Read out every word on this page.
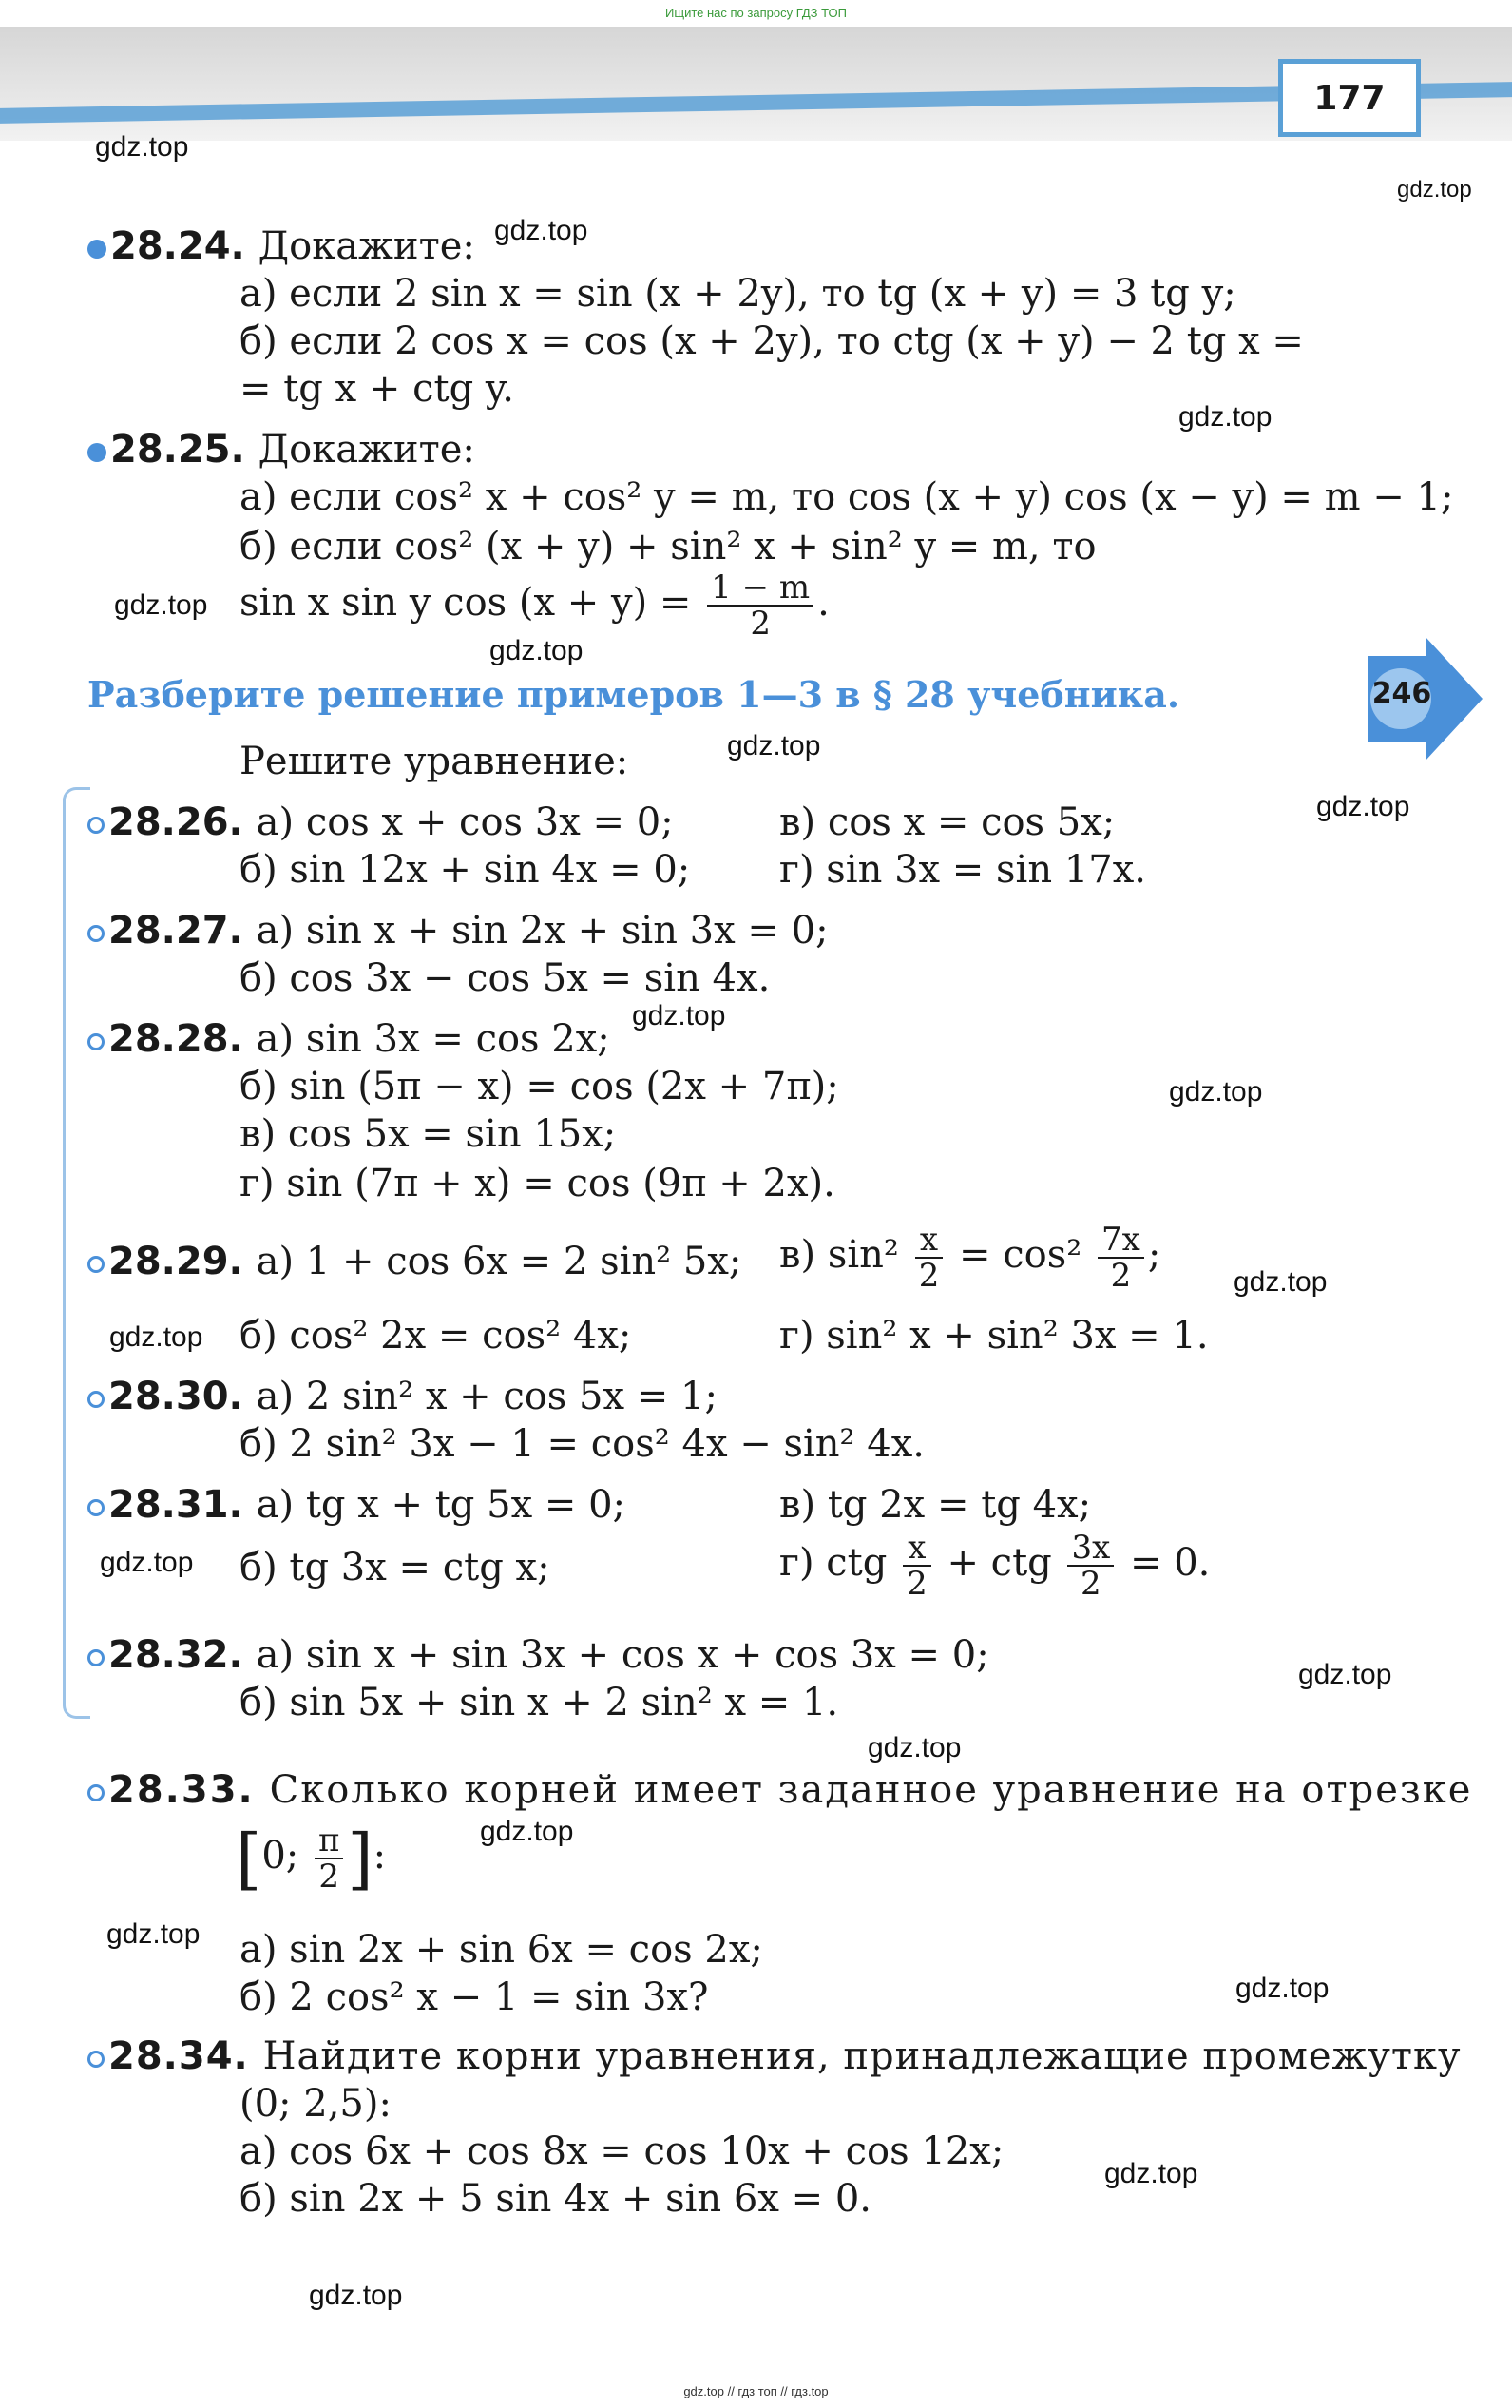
Ищите нас по запросу ГДЗ ТОП
177
gdz.top
gdz.top
gdz.top
gdz.top
gdz.top
gdz.top
gdz.top
gdz.top
gdz.top
gdz.top
gdz.top
gdz.top
gdz.top
gdz.top
gdz.top
gdz.top
gdz.top
gdz.top
gdz.top
gdz.top
246
28.24. Докажите:
а) если 2 sin x = sin (x + 2y), то tg (x + y) = 3 tg y;
б) если 2 cos x = cos (x + 2y), то ctg (x + y) − 2 tg x =
= tg x + ctg y.
28.25. Докажите:
а) если cos² x + cos² y = m, то cos (x + y) cos (x − y) = m − 1;
б) если cos² (x + y) + sin² x + sin² y = m, то
sin x sin y $\cos (x + y) = \frac{1 - m}{2}$ .
Разберите решение примеров 1—3 в § 28 учебника.
Решите уравнение:
28.26. а) cos x + cos 3x = 0;	в) cos x = cos 5x;
б) sin 12x + sin 4x = 0; г) sin 3x = sin 17x.
28.27. а) sin x + sin 2x + sin 3x = 0;
б) cos 3x − cos 5x = sin 4x.
28.28. а) sin 3x = cos 2x;
б) sin (5π − x) = cos (2x + 7π);
в) cos 5x = sin 15x;
г) sin (7π + x) = cos (9π + 2x).
28.29. а) 1 + cos 6x = 2 sin² 5x; в) $\sin^2 \frac{x}{2} = \cos^2 \frac{7x}{2}$ ;
б) cos² 2x = cos² 4x;	г) sin² x + sin² 3x = 1.
28.30. а) 2 sin² x + cos 5x = 1;
б) 2 sin² 3x − 1 = cos² 4x − sin² 4x.
28.31. а) tg x + tg 5x = 0;	в) tg 2x = tg 4x;
б) tg 3x = ctg x;	г) ctg $\frac{x}{2}$ + ctg $\frac{3x}{2} = 0$.
28.32. а) sin x + sin 3x + cos x + cos 3x = 0;
б) sin 5x + sin x + 2 sin² x = 1.
28.33. Сколько корней имеет заданное уравнение на отрезке
[0; $\frac{\pi}{2}$ ]:
а) sin 2x + sin 6x = cos 2x;
б) 2 cos² x − 1 = sin 3x?
28.34. Найдите корни уравнения, принадлежащие промежутку
(0; 2,5):
а) cos 6x + cos 8x = cos 10x + cos 12x;
б) sin 2x + 5 sin 4x + sin 6x = 0.
gdz.top // гдз топ // гдз.top
